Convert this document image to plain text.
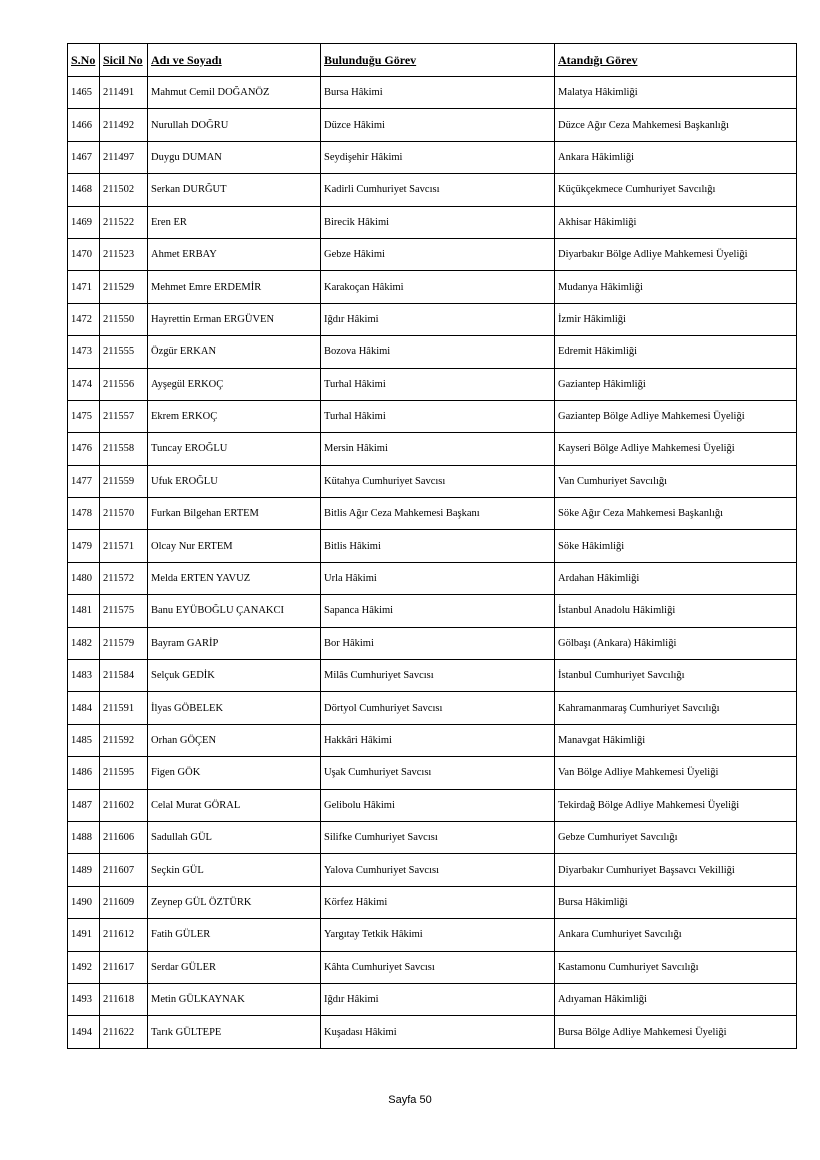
S.No	Sicil No	Adı ve Soyadı	Bulunduğu Görev	Atandığı Görev
1465	211491	Mahmut Cemil DOĞANÖZ	Bursa Hâkimi	Malatya Hâkimliği
1466	211492	Nurullah DOĞRU	Düzce Hâkimi	Düzce Ağır Ceza Mahkemesi Başkanlığı
1467	211497	Duygu DUMAN	Seydişehir Hâkimi	Ankara Hâkimliği
1468	211502	Serkan DURĞUT	Kadirli Cumhuriyet Savcısı	Küçükçekmece Cumhuriyet Savcılığı
1469	211522	Eren ER	Birecik Hâkimi	Akhisar Hâkimliği
1470	211523	Ahmet ERBAY	Gebze Hâkimi	Diyarbakır Bölge Adliye Mahkemesi Üyeliği
1471	211529	Mehmet Emre ERDEMİR	Karakoçan Hâkimi	Mudanya Hâkimliği
1472	211550	Hayrettin Erman ERGÜVEN	Iğdır Hâkimi	İzmir Hâkimliği
1473	211555	Özgür ERKAN	Bozova Hâkimi	Edremit Hâkimliği
1474	211556	Ayşegül ERKOÇ	Turhal Hâkimi	Gaziantep Hâkimliği
1475	211557	Ekrem ERKOÇ	Turhal Hâkimi	Gaziantep Bölge Adliye Mahkemesi Üyeliği
1476	211558	Tuncay EROĞLU	Mersin Hâkimi	Kayseri Bölge Adliye Mahkemesi Üyeliği
1477	211559	Ufuk EROĞLU	Kütahya Cumhuriyet Savcısı	Van Cumhuriyet Savcılığı
1478	211570	Furkan Bilgehan ERTEM	Bitlis Ağır Ceza Mahkemesi Başkanı	Söke Ağır Ceza Mahkemesi Başkanlığı
1479	211571	Olcay Nur ERTEM	Bitlis Hâkimi	Söke Hâkimliği
1480	211572	Melda ERTEN YAVUZ	Urla Hâkimi	Ardahan Hâkimliği
1481	211575	Banu EYÜBOĞLU ÇANAKCI	Sapanca Hâkimi	İstanbul Anadolu Hâkimliği
1482	211579	Bayram GARİP	Bor Hâkimi	Gölbaşı (Ankara) Hâkimliği
1483	211584	Selçuk GEDİK	Milâs Cumhuriyet Savcısı	İstanbul Cumhuriyet Savcılığı
1484	211591	İlyas GÖBELEK	Dörtyol Cumhuriyet Savcısı	Kahramanmaraş Cumhuriyet Savcılığı
1485	211592	Orhan GÖÇEN	Hakkâri Hâkimi	Manavgat Hâkimliği
1486	211595	Figen GÖK	Uşak Cumhuriyet Savcısı	Van Bölge Adliye Mahkemesi Üyeliği
1487	211602	Celal Murat GÖRAL	Gelibolu Hâkimi	Tekirdağ Bölge Adliye Mahkemesi Üyeliği
1488	211606	Sadullah GÜL	Silifke Cumhuriyet Savcısı	Gebze Cumhuriyet Savcılığı
1489	211607	Seçkin GÜL	Yalova Cumhuriyet Savcısı	Diyarbakır Cumhuriyet Başsavcı Vekilliği
1490	211609	Zeynep GÜL ÖZTÜRK	Körfez Hâkimi	Bursa Hâkimliği
1491	211612	Fatih GÜLER	Yargıtay Tetkik Hâkimi	Ankara Cumhuriyet Savcılığı
1492	211617	Serdar GÜLER	Kâhta Cumhuriyet Savcısı	Kastamonu Cumhuriyet Savcılığı
1493	211618	Metin GÜLKAYNAK	Iğdır Hâkimi	Adıyaman Hâkimliği
1494	211622	Tarık GÜLTEPE	Kuşadası Hâkimi	Bursa Bölge Adliye Mahkemesi Üyeliği
Sayfa 50
